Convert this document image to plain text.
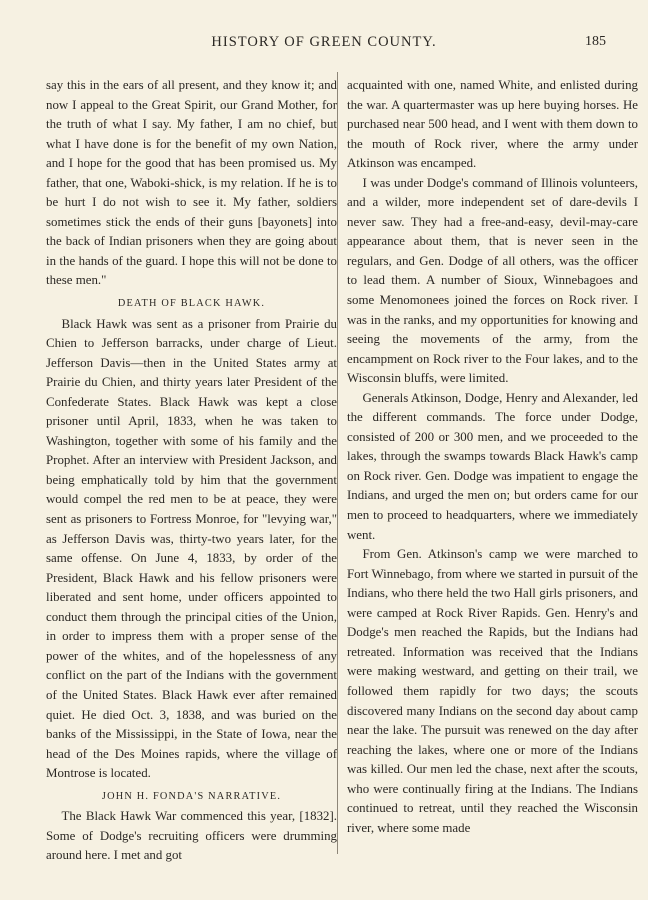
HISTORY OF GREEN COUNTY.	185

say this in the ears of all present, and they know it; and now I appeal to the Great Spirit, our Grand Mother, for the truth of what I say. My father, I am no chief, but what I have done is for the benefit of my own Nation, and I hope for the good that has been promised us. My father, that one, Waboki-shick, is my relation. If he is to be hurt I do not wish to see it. My father, soldiers sometimes stick the ends of their guns [bayonets] into the back of Indian prisoners when they are going about in the hands of the guard. I hope this will not be done to these men."

DEATH OF BLACK HAWK.

Black Hawk was sent as a prisoner from Prairie du Chien to Jefferson barracks, under charge of Lieut. Jefferson Davis—then in the United States army at Prairie du Chien, and thirty years later President of the Confederate States. Black Hawk was kept a close prisoner until April, 1833, when he was taken to Washington, together with some of his family and the Prophet. After an interview with President Jackson, and being emphatically told by him that the government would compel the red men to be at peace, they were sent as prisoners to Fortress Monroe, for "levying war," as Jefferson Davis was, thirty-two years later, for the same offense. On June 4, 1833, by order of the President, Black Hawk and his fellow prisoners were liberated and sent home, under officers appointed to conduct them through the principal cities of the Union, in order to impress them with a proper sense of the power of the whites, and of the hopelessness of any conflict on the part of the Indians with the government of the United States. Black Hawk ever after remained quiet. He died Oct. 3, 1838, and was buried on the banks of the Mississippi, in the State of Iowa, near the head of the Des Moines rapids, where the village of Montrose is located.

JOHN H. FONDA'S NARRATIVE.

The Black Hawk War commenced this year, [1832]. Some of Dodge's recruiting officers were drumming around here. I met and got

acquainted with one, named White, and enlisted during the war. A quartermaster was up here buying horses. He purchased near 500 head, and I went with them down to the mouth of Rock river, where the army under Atkinson was encamped.

I was under Dodge's command of Illinois volunteers, and a wilder, more independent set of dare-devils I never saw. They had a free-and-easy, devil-may-care appearance about them, that is never seen in the regulars, and Gen. Dodge of all others, was the officer to lead them. A number of Sioux, Winnebagoes and some Menomonees joined the forces on Rock river. I was in the ranks, and my opportunities for knowing and seeing the movements of the army, from the encampment on Rock river to the Four lakes, and to the Wisconsin bluffs, were limited.

Generals Atkinson, Dodge, Henry and Alexander, led the different commands. The force under Dodge, consisted of 200 or 300 men, and we proceeded to the lakes, through the swamps towards Black Hawk's camp on Rock river. Gen. Dodge was impatient to engage the Indians, and urged the men on; but orders came for our men to proceed to headquarters, where we immediately went.

From Gen. Atkinson's camp we were marched to Fort Winnebago, from where we started in pursuit of the Indians, who there held the two Hall girls prisoners, and were camped at Rock River Rapids. Gen. Henry's and Dodge's men reached the Rapids, but the Indians had retreated. Information was received that the Indians were making westward, and getting on their trail, we followed them rapidly for two days; the scouts discovered many Indians on the second day about camp near the lake. The pursuit was renewed on the day after reaching the lakes, where one or more of the Indians was killed. Our men led the chase, next after the scouts, who were continually firing at the Indians. The Indians continued to retreat, until they reached the Wisconsin river, where some made
